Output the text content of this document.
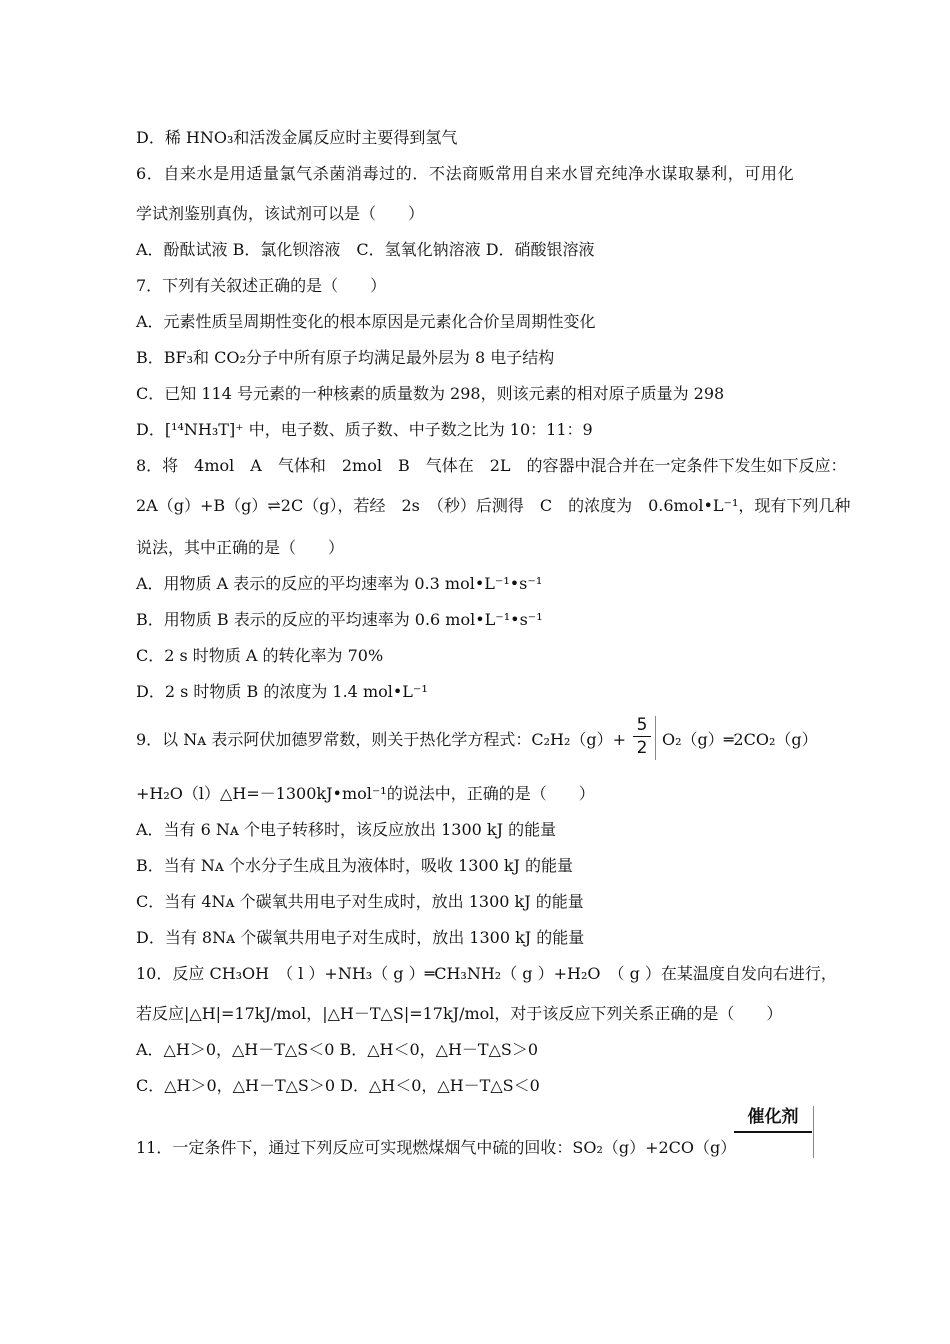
D．稀 HNO₃和活泼金属反应时主要得到氢气
6．自来水是用适量氯气杀菌消毒过的．不法商贩常用自来水冒充纯净水谋取暴利，可用化
学试剂鉴别真伪，该试剂可以是（　　）
A．酚酞试液 B．氯化钡溶液　C．氢氧化钠溶液 D．硝酸银溶液
7．下列有关叙述正确的是（　　）
A．元素性质呈周期性变化的根本原因是元素化合价呈周期性变化
B．BF₃和 CO₂分子中所有原子均满足最外层为 8 电子结构
C．已知 114 号元素的一种核素的质量数为 298，则该元素的相对原子质量为 298
D．[¹⁴NH₃T]⁺ 中，电子数、质子数、中子数之比为 10：11：9
8．将　4mol　A　气体和　2mol　B　气体在　2L　的容器中混合并在一定条件下发生如下反应：
2A（g）+B（g）⇌2C（g），若经　2s　（秒）后测得　C　的浓度为　0.6mol•L⁻¹，现有下列几种
说法，其中正确的是（　　）
A．用物质 A 表示的反应的平均速率为 0.3 mol•L⁻¹•s⁻¹
B．用物质 B 表示的反应的平均速率为 0.6 mol•L⁻¹•s⁻¹
C．2 s 时物质 A 的转化率为 70%
D．2 s 时物质 B 的浓度为 1.4 mol•L⁻¹
9．以 Nᴀ 表示阿伏加德罗常数，则关于热化学方程式：C₂H₂（g）+
5
2 O₂（g）═2CO₂（g）
+H₂O（l）△H=－1300kJ•mol⁻¹的说法中，正确的是（　　）
A．当有 6 Nᴀ 个电子转移时，该反应放出 1300 kJ 的能量
B．当有 Nᴀ 个水分子生成且为液体时，吸收 1300 kJ 的能量
C．当有 4Nᴀ 个碳氧共用电子对生成时，放出 1300 kJ 的能量
D．当有 8Nᴀ 个碳氧共用电子对生成时，放出 1300 kJ 的能量
10．反应 CH₃OH　（ l ）+NH₃（ g ）═CH₃NH₂（ g ）+H₂O　（ g ）在某温度自发向右进行，
若反应|△H|=17kJ/mol，|△H－T△S|=17kJ/mol，对于该反应下列关系正确的是（　　）
A．△H＞0，△H－T△S＜0 B．△H＜0，△H－T△S＞0
C．△H＞0，△H－T△S＞0 D．△H＜0，△H－T△S＜0
催化剂
11．一定条件下，通过下列反应可实现燃煤烟气中硫的回收：SO₂（g）+2CO（g）
